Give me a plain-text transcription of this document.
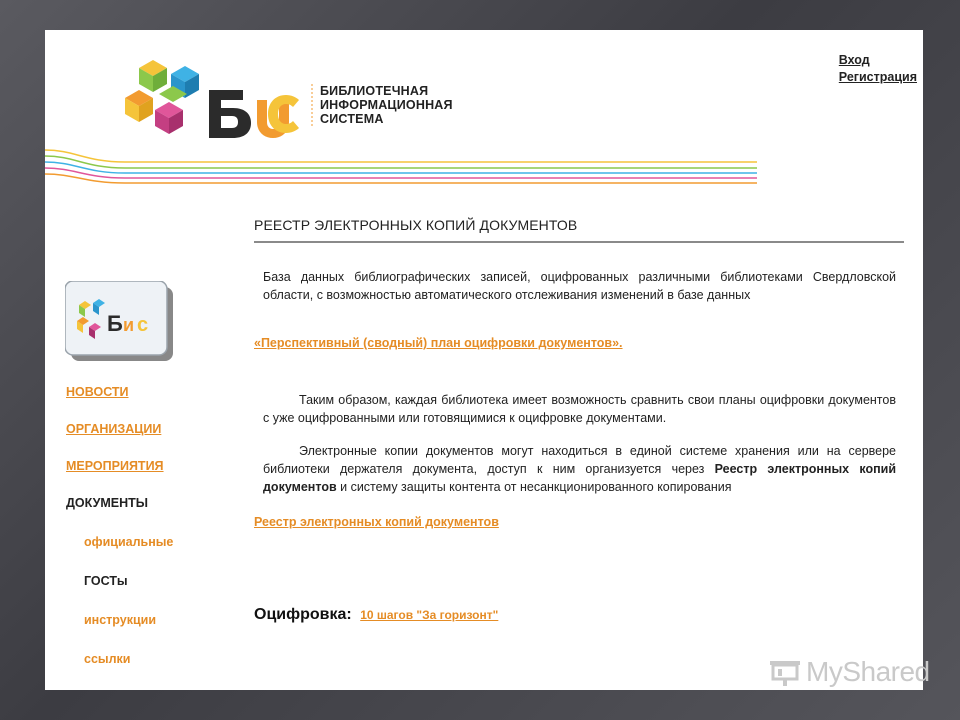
БИБЛИОТЕЧНАЯ
ИНФОРМАЦИОННАЯ
СИСТЕМА
Вход
Регистрация
Б и с
НОВОСТИ
ОРГАНИЗАЦИИ
МЕРОПРИЯТИЯ
ДОКУМЕНТЫ
официальные
ГОСТы
инструкции
ссылки
РЕЕСТР ЭЛЕКТРОННЫХ КОПИЙ ДОКУМЕНТОВ
База данных библиографических записей, оцифрованных различными библиотеками Свердловской области, с возможностью автоматического отслеживания изменений в базе данных
«Перспективный (сводный) план оцифровки документов».
Таким образом, каждая библиотека имеет возможность сравнить свои планы оцифровки документов с уже оцифрованными или готовящимися к оцифровке документами.
Электронные копии документов могут находиться в единой системе хранения или на сервере библиотеки держателя документа, доступ к ним организуется через Реестр электронных копий документов и систему защиты контента от несанкционированного копирования
Реестр электронных копий документов
Оцифровка: 10 шагов "За горизонт"
MyShared
